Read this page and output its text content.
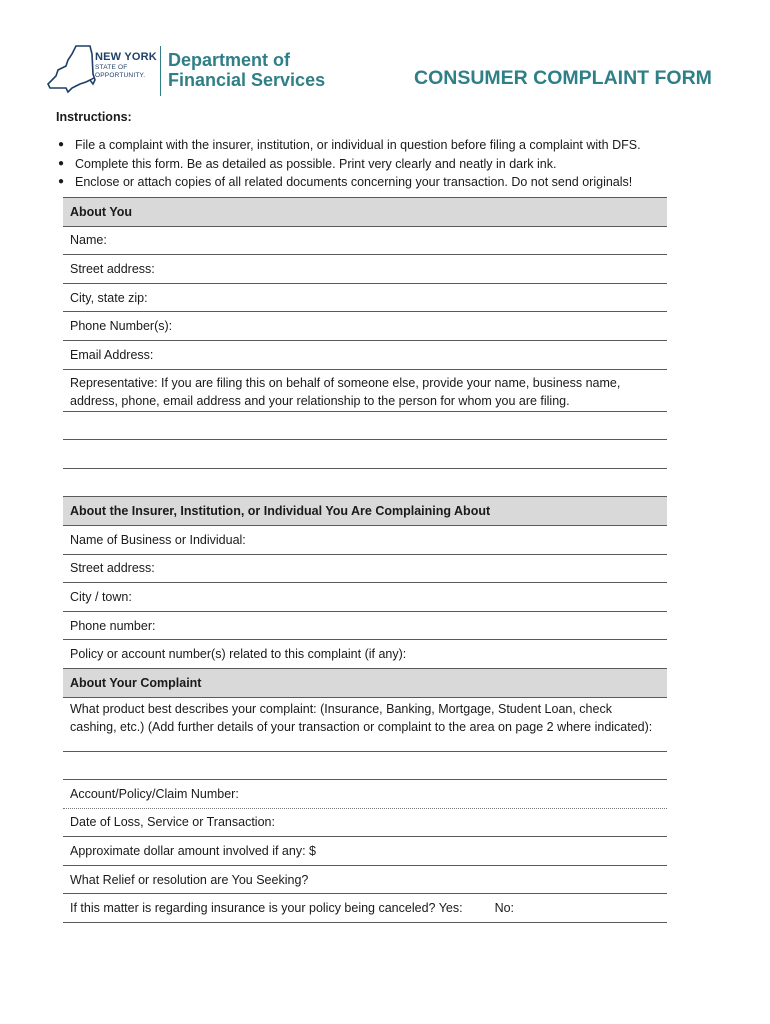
NEW YORK
STATE OF
OPPORTUNITY.
Department of
Financial Services	CONSUMER COMPLAINT FORM
Instructions:
● File a complaint with the insurer, institution, or individual in question before filing a complaint with DFS.
● Complete this form. Be as detailed as possible. Print very clearly and neatly in dark ink.
● Enclose or attach copies of all related documents concerning your transaction. Do not send originals!
About You
Name:
Street address:
City, state zip:
Phone Number(s):
Email Address:
Representative: If you are filing this on behalf of someone else, provide your name, business name, address, phone, email address and your relationship to the person for whom you are filing.
About the Insurer, Institution, or Individual You Are Complaining About
Name of Business or Individual:
Street address:
City / town:
Phone number:
Policy or account number(s) related to this complaint (if any):
About Your Complaint
What product best describes your complaint: (Insurance, Banking, Mortgage, Student Loan, check cashing, etc.) (Add further details of your transaction or complaint to the area on page 2 where indicated):
Account/Policy/Claim Number:
Date of Loss, Service or Transaction:
Approximate dollar amount involved if any: $
What Relief or resolution are You Seeking?
If this matter is regarding insurance is your policy being canceled? Yes:	No:
